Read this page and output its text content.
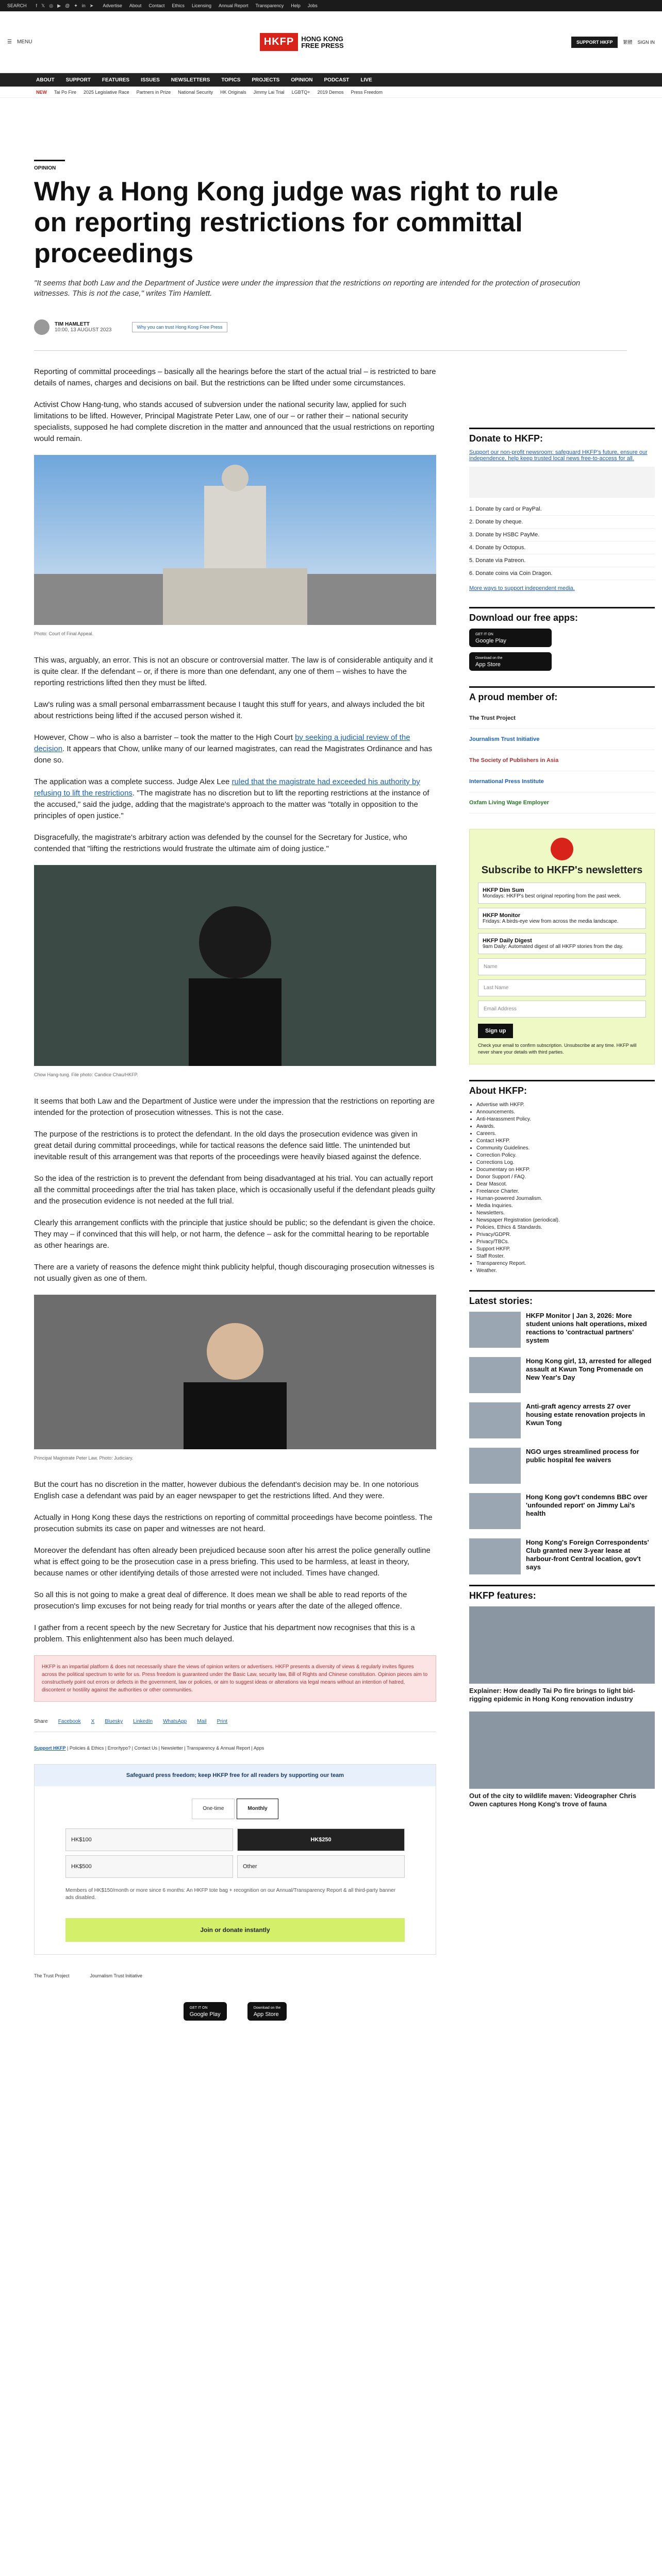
SEARCH f 𝕏 ◎ ▶ @ ✦ in ➤ Advertise About Contact Ethics Licensing Annual Report Transparency Help Jobs
☰ MENU	HKFP	HONG KONG
FREE PRESS	SUPPORT HKFP	繁體 SIGN IN
ABOUT SUPPORT FEATURES ISSUES NEWSLETTERS TOPICS PROJECTS OPINION PODCAST LIVE
NEW Tai Po Fire 2025 Legislative Race Partners in Prize National Security HK Originals Jimmy Lai Trial LGBTQ+ 2019 Demos Press Freedom
OPINION
Why a Hong Kong judge was right to rule on reporting restrictions for committal proceedings

"It seems that both Law and the Department of Justice were under the impression that the restrictions on reporting are intended for the protection of prosecution witnesses. This is not the case," writes Tim Hamlett.

TIM HAMLETT
10:00, 13 AUGUST 2023	Why you can trust Hong Kong Free Press

Reporting of committal proceedings – basically all the hearings before the start of the actual trial – is restricted to bare details of names, charges and decisions on bail. But the restrictions can be lifted under some circumstances.

Activist Chow Hang-tung, who stands accused of subversion under the national security law, applied for such limitations to be lifted. However, Principal Magistrate Peter Law, one of our – or rather their – national security specialists, supposed he had complete discretion in the matter and announced that the usual restrictions on reporting would remain.

Photo: Court of Final Appeal.

This was, arguably, an error. This is not an obscure or controversial matter. The law is of considerable antiquity and it is quite clear. If the defendant – or, if there is more than one defendant, any one of them – wishes to have the reporting restrictions lifted then they must be lifted.

Law's ruling was a small personal embarrassment because I taught this stuff for years, and always included the bit about restrictions being lifted if the accused person wished it.

However, Chow – who is also a barrister – took the matter to the High Court by seeking a judicial review of the decision. It appears that Chow, unlike many of our learned magistrates, can read the Magistrates Ordinance and has done so.

The application was a complete success. Judge Alex Lee ruled that the magistrate had exceeded his authority by refusing to lift the restrictions. "The magistrate has no discretion but to lift the reporting restrictions at the instance of the accused," said the judge, adding that the magistrate's approach to the matter was "totally in opposition to the principles of open justice."

Disgracefully, the magistrate's arbitrary action was defended by the counsel for the Secretary for Justice, who contended that "lifting the restrictions would frustrate the ultimate aim of doing justice."

Chow Hang-tung. File photo: Candice Chau/HKFP.

It seems that both Law and the Department of Justice were under the impression that the restrictions on reporting are intended for the protection of prosecution witnesses. This is not the case.

The purpose of the restrictions is to protect the defendant. In the old days the prosecution evidence was given in great detail during committal proceedings, while for tactical reasons the defence said little. The unintended but inevitable result of this arrangement was that reports of the proceedings were heavily biased against the defence.

So the idea of the restriction is to prevent the defendant from being disadvantaged at his trial. You can actually report all the committal proceedings after the trial has taken place, which is occasionally useful if the defendant pleads guilty and the prosecution evidence is not needed at the full trial.

Clearly this arrangement conflicts with the principle that justice should be public; so the defendant is given the choice. They may – if convinced that this will help, or not harm, the defence – ask for the committal hearing to be reportable as other hearings are.

There are a variety of reasons the defence might think publicity helpful, though discouraging prosecution witnesses is not usually given as one of them.

Principal Magistrate Peter Law. Photo: Judiciary.

But the court has no discretion in the matter, however dubious the defendant's decision may be. In one notorious English case a defendant was paid by an eager newspaper to get the restrictions lifted. And they were.

Actually in Hong Kong these days the restrictions on reporting of committal proceedings have become pointless. The prosecution submits its case on paper and witnesses are not heard.

Moreover the defendant has often already been prejudiced because soon after his arrest the police generally outline what is effect going to be the prosecution case in a press briefing. This used to be harmless, at least in theory, because names or other identifying details of those arrested were not included. Times have changed.

So all this is not going to make a great deal of difference. It does mean we shall be able to read reports of the prosecution's limp excuses for not being ready for trial months or years after the date of the alleged offence.

I gather from a recent speech by the new Secretary for Justice that his department now recognises that this is a problem. This enlightenment also has been much delayed.

HKFP is an impartial platform & does not necessarily share the views of opinion writers or advertisers. HKFP presents a diversity of views & regularly invites figures across the political spectrum to write for us. Press freedom is guaranteed under the Basic Law, security law, Bill of Rights and Chinese constitution. Opinion pieces aim to constructively point out errors or defects in the government, law or policies, or aim to suggest ideas or alterations via legal means without an intention of hatred, discontent or hostility against the authorities or other communities.
Share Facebook X Bluesky LinkedIn WhatsApp Mail Print
Support HKFP | Policies & Ethics | Error/typo? | Contact Us | Newsletter | Transparency & Annual Report | Apps
Safeguard press freedom; keep HKFP free for all readers by supporting our team
One-time	Monthly
HK$100	HK$250
HK$500	Other

Members of HK$150/month or more since 6 months: An HKFP tote bag + recognition on our Annual/Transparency Report & all third-party banner ads disabled.

Join or donate instantly
The Trust Project	Journalism Trust Initiative
GET IT ON
Google Play
Download on the
App Store
Donate to HKFP:

Support our non-profit newsroom: safeguard HKFP's future, ensure our independence, help keep trusted local news free-to-access for all.

1. Donate by card or PayPal.
2. Donate by cheque.
3. Donate by HSBC PayMe.
4. Donate by Octopus.
5. Donate via Patreon.
6. Donate coins via Coin Dragon.

More ways to support independent media.

Download our free apps:
GET IT ON
Google Play
Download on the
App Store
A proud member of:
The Trust Project
Journalism Trust Initiative
The Society of Publishers in Asia
International Press Institute
Oxfam Living Wage Employer
Subscribe to HKFP's newsletters
HKFP Dim Sum
Mondays: HKFP's best original reporting from the past week.
HKFP Monitor
Fridays: A birds-eye view from across the media landscape.
HKFP Daily Digest
9am Daily: Automated digest of all HKFP stories from the day.
Name
Last Name
Email Address
Sign up

Check your email to confirm subscription. Unsubscribe at any time. HKFP will never share your details with third parties.

About HKFP:
• Advertise with HKFP.
• Announcements.
• Anti-Harassment Policy.
• Awards.
• Careers.
• Contact HKFP.
• Community Guidelines.
• Correction Policy.
• Corrections Log.
• Documentary on HKFP.
• Donor Support / FAQ.
• Dear Mascot.
• Freelance Charter.
• Human-powered Journalism.
• Media Inquiries.
• Newsletters.
• Newspaper Registration (periodical).
• Policies, Ethics & Standards.
• Privacy/GDPR.
• Privacy/TBCs.
• Support HKFP.
• Staff Roster.
• Transparency Report.
• Weather.
Latest stories:
HKFP Monitor | Jan 3, 2026: More student unions halt operations, mixed reactions to 'contractual partners' system
Hong Kong girl, 13, arrested for alleged assault at Kwun Tong Promenade on New Year's Day
Anti-graft agency arrests 27 over housing estate renovation projects in Kwun Tong
NGO urges streamlined process for public hospital fee waivers
Hong Kong gov't condemns BBC over 'unfounded report' on Jimmy Lai's health
Hong Kong's Foreign Correspondents' Club granted new 3-year lease at harbour-front Central location, gov't says
HKFP features:
Explainer: How deadly Tai Po fire brings to light bid-rigging epidemic in Hong Kong renovation industry
Out of the city to wildlife maven: Videographer Chris Owen captures Hong Kong's trove of fauna
